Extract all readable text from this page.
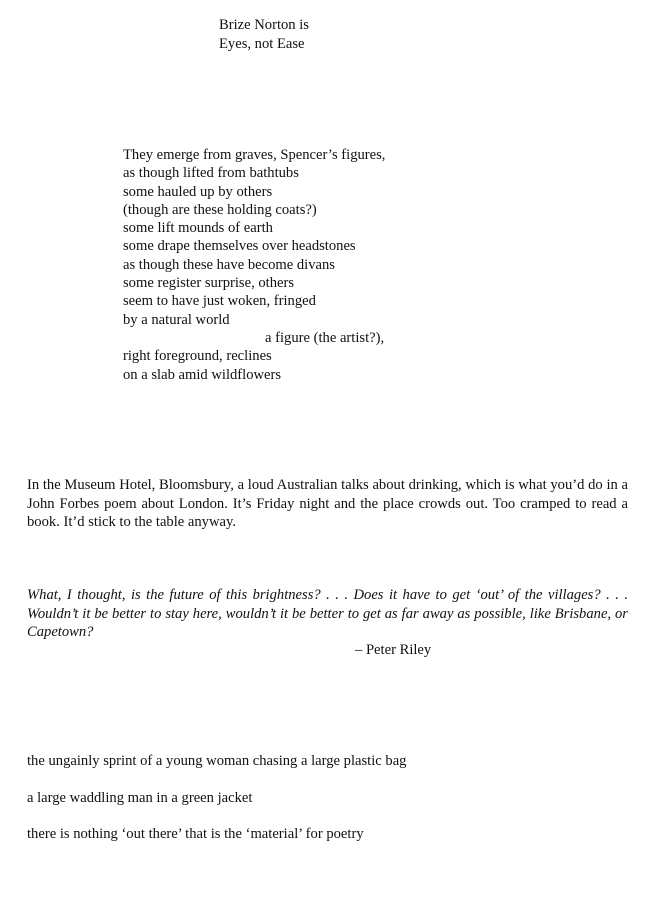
Brize Norton is
Eyes, not Ease
They emerge from graves, Spencer’s figures,
as though lifted from bathtubs
some hauled up by others
(though are these holding coats?)
some lift mounds of earth
some drape themselves over headstones
as though these have become divans
some register surprise, others
seem to have just woken, fringed
by a natural world
a figure (the artist?),
right foreground, reclines
on a slab amid wildflowers

In the Museum Hotel, Bloomsbury, a loud Australian talks about drinking, which is what you’d do in a John Forbes poem about London. It’s Friday night and the place crowds out. Too cramped to read a book. It’d stick to the table anyway.

What, I thought, is the future of this brightness? . . . Does it have to get ‘out’ of the villages? . . . Wouldn’t it be better to stay here, wouldn’t it be better to get as far away as possible, like Brisbane, or Capetown?

– Peter Riley
the ungainly sprint of a young woman chasing a large plastic bag
a large waddling man in a green jacket
there is nothing ‘out there’ that is the ‘material’ for poetry
